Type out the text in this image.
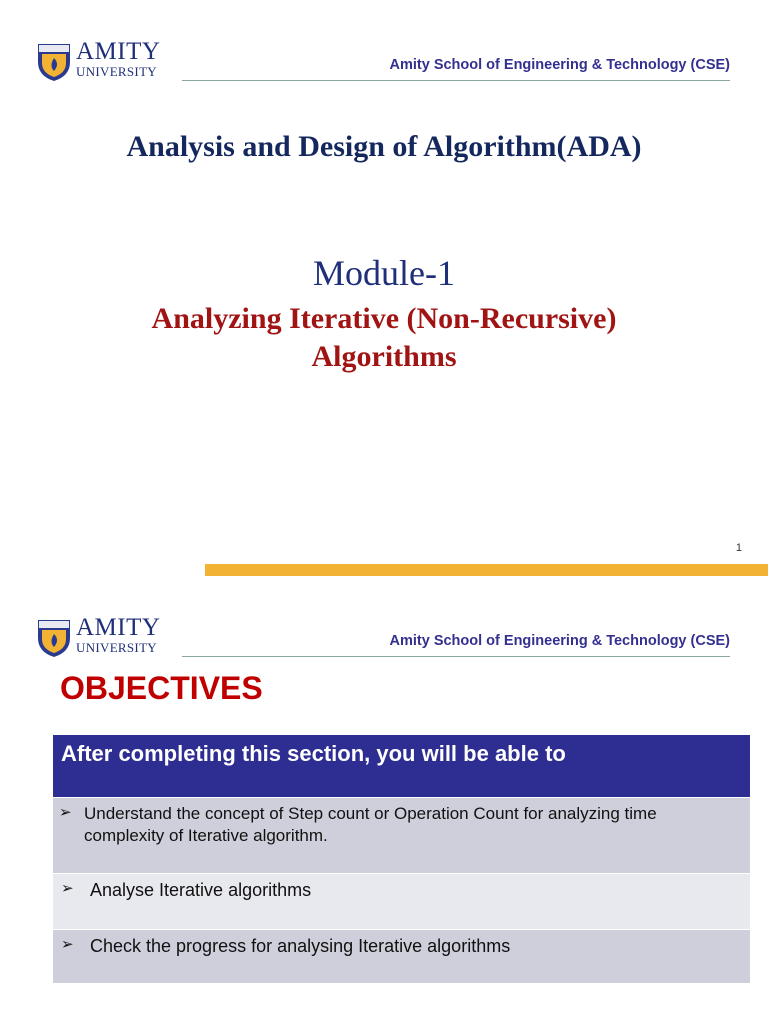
AMITY
UNIVERSITY	Amity School of Engineering & Technology (CSE)
Analysis and Design of Algorithm(ADA)
Module-1
Analyzing Iterative (Non-Recursive)
Algorithms
1
AMITY
UNIVERSITY	Amity School of Engineering & Technology (CSE)
OBJECTIVES
After completing this section, you will be able to
➢ Understand the concept of Step count or Operation Count for analyzing time
complexity of Iterative algorithm.
➢ Analyse Iterative algorithms
➢ Check the progress for analysing Iterative algorithms
